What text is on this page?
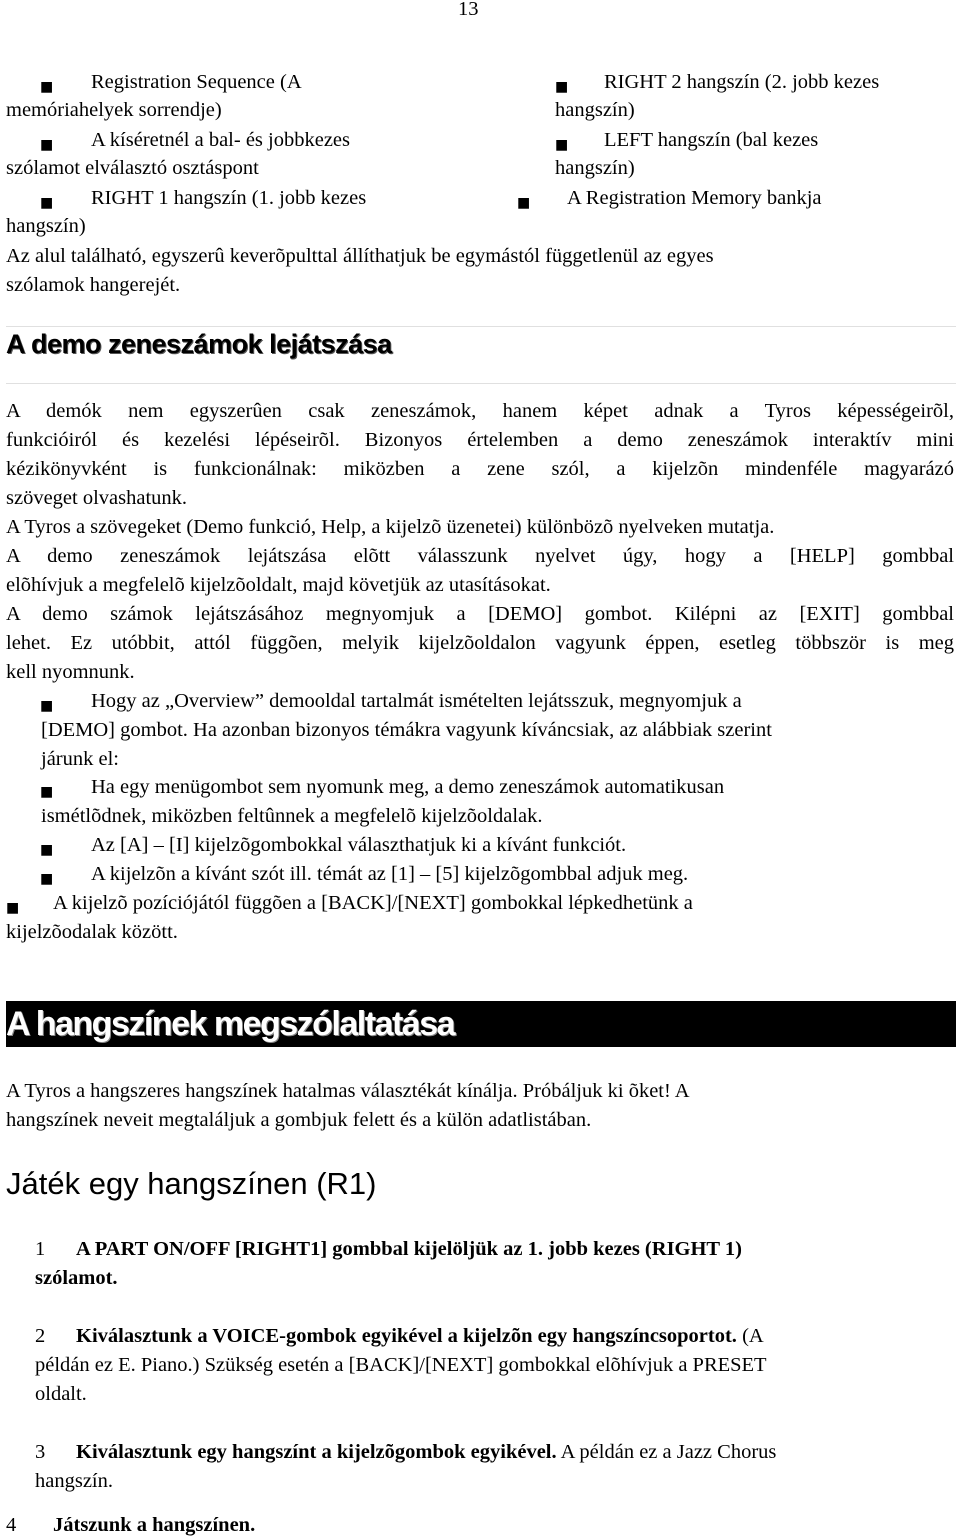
13
■ Registration Sequence (A
memóriahelyek sorrendje)
■ A kíséretnél a bal- és jobbkezes
szólamot elválasztó osztáspont
■ RIGHT 1 hangszín (1. jobb kezes
hangszín)
■ RIGHT 2 hangszín (2. jobb kezes
hangszín)
■ LEFT hangszín (bal kezes
hangszín)
■ A Registration Memory bankja
Az alul található, egyszerû keverõpulttal állíthatjuk be egymástól függetlenül az egyes
szólamok hangerejét.
A demo zeneszámok lejátszása
A demók nem egyszerûen csak zeneszámok, hanem képet adnak a Tyros képességeirõl,
funkcióiról és kezelési lépéseirõl. Bizonyos értelemben a demo zeneszámok interaktív mini
kézikönyvként is funkcionálnak: miközben a zene szól, a kijelzõn mindenféle magyarázó
szöveget olvashatunk.
A Tyros a szövegeket (Demo funkció, Help, a kijelzõ üzenetei) különbözõ nyelveken mutatja.
A demo zeneszámok lejátszása elõtt válasszunk nyelvet úgy, hogy a [HELP] gombbal
elõhívjuk a megfelelõ kijelzõoldalt, majd követjük az utasításokat.
A demo számok lejátszásához megnyomjuk a [DEMO] gombot. Kilépni az [EXIT] gombbal
lehet. Ez utóbbit, attól függõen, melyik kijelzõoldalon vagyunk éppen, esetleg többször is meg
kell nyomnunk.
■ Hogy az „Overview” demooldal tartalmát ismételten lejátsszuk, megnyomjuk a
[DEMO] gombot. Ha azonban bizonyos témákra vagyunk kíváncsiak, az alábbiak szerint
járunk el:
■ Ha egy menügombot sem nyomunk meg, a demo zeneszámok automatikusan
ismétlõdnek, miközben feltûnnek a megfelelõ kijelzõoldalak.
■ Az [A] – [I] kijelzõgombokkal választhatjuk ki a kívánt funkciót.
■ A kijelzõn a kívánt szót ill. témát az [1] – [5] kijelzõgombbal adjuk meg.
■ A kijelzõ pozíciójától függõen a [BACK]/[NEXT] gombokkal lépkedhetünk a
kijelzõodalak között.
A hangszínek megszólaltatása
A Tyros a hangszeres hangszínek hatalmas választékát kínálja. Próbáljuk ki õket! A
hangszínek neveit megtaláljuk a gombjuk felett és a külön adatlistában.
Játék egy hangszínen (R1)
1 A PART ON/OFF [RIGHT1] gombbal kijelöljük az 1. jobb kezes (RIGHT 1)
szólamot.
2 Kiválasztunk a VOICE-gombok egyikével a kijelzõn egy hangszíncsoportot. (A
példán ez E. Piano.) Szükség esetén a [BACK]/[NEXT] gombokkal elõhívjuk a PRESET
oldalt.
3 Kiválasztunk egy hangszínt a kijelzõgombok egyikével. A példán ez a Jazz Chorus
hangszín.
4 Játszunk a hangszínen.
